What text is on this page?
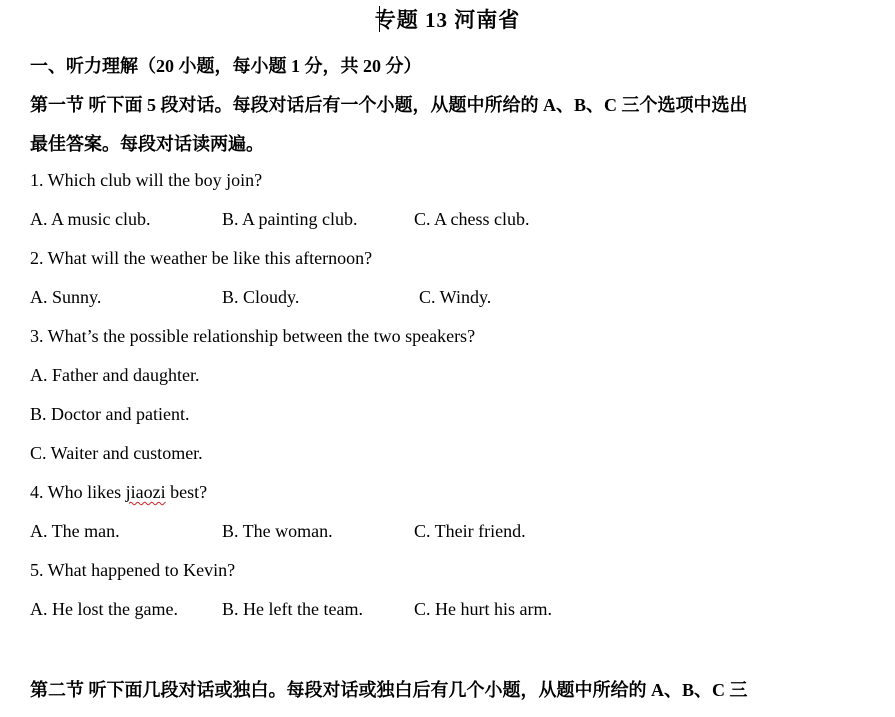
专题 13 河南省
一、听力理解（20 小题，每小题 1 分，共 20 分）
第一节 听下面 5 段对话。每段对话后有一个小题，从题中所给的 A、B、C 三个选项中选出
最佳答案。每段对话读两遍。
1. Which club will the boy join?
A. A music club.	B. A painting club.	C. A chess club.
2. What will the weather be like this afternoon?
A. Sunny.	B. Cloudy.	C. Windy.
3. What’s the possible relationship between the two speakers?
A. Father and daughter.
B. Doctor and patient.
C. Waiter and customer.
4. Who likes jiaozi best?
A. The man.	B. The woman.	C. Their friend.
5. What happened to Kevin?
A. He lost the game. B. He left the team.	C. He hurt his arm.
第二节 听下面几段对话或独白。每段对话或独白后有几个小题，从题中所给的 A、B、C 三
